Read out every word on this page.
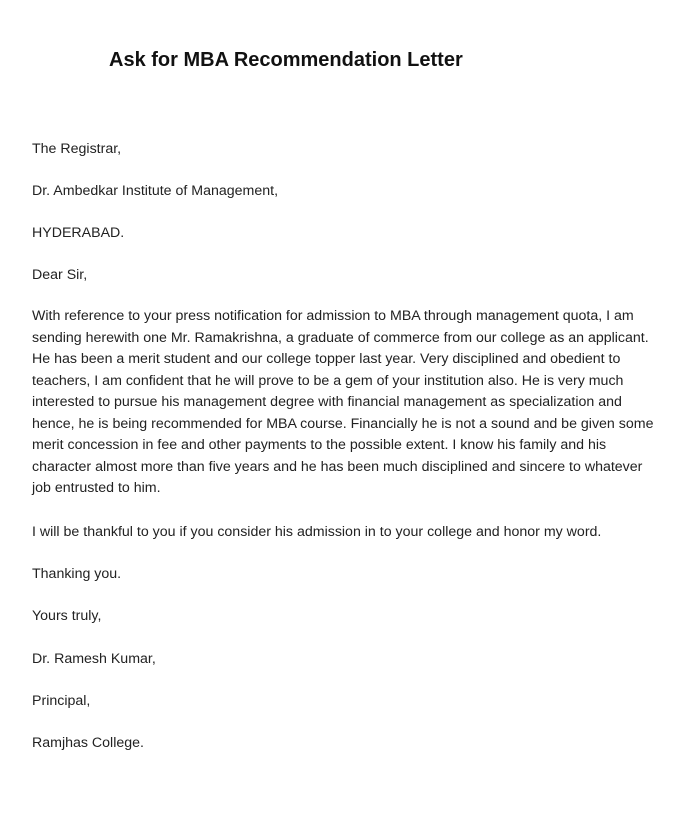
Ask for MBA Recommendation Letter

The Registrar,

Dr. Ambedkar Institute of Management,

HYDERABAD.

Dear Sir,

With reference to your press notification for admission to MBA through management quota, I am sending herewith one Mr. Ramakrishna, a graduate of commerce from our college as an applicant. He has been a merit student and our college topper last year. Very disciplined and obedient to teachers, I am confident that he will prove to be a gem of your institution also. He is very much interested to pursue his management degree with financial management as specialization and hence, he is being recommended for MBA course. Financially he is not a sound and be given some merit concession in fee and other payments to the possible extent. I know his family and his character almost more than five years and he has been much disciplined and sincere to whatever job entrusted to him.

I will be thankful to you if you consider his admission in to your college and honor my word.

Thanking you.

Yours truly,

Dr. Ramesh Kumar,

Principal,

Ramjhas College.
